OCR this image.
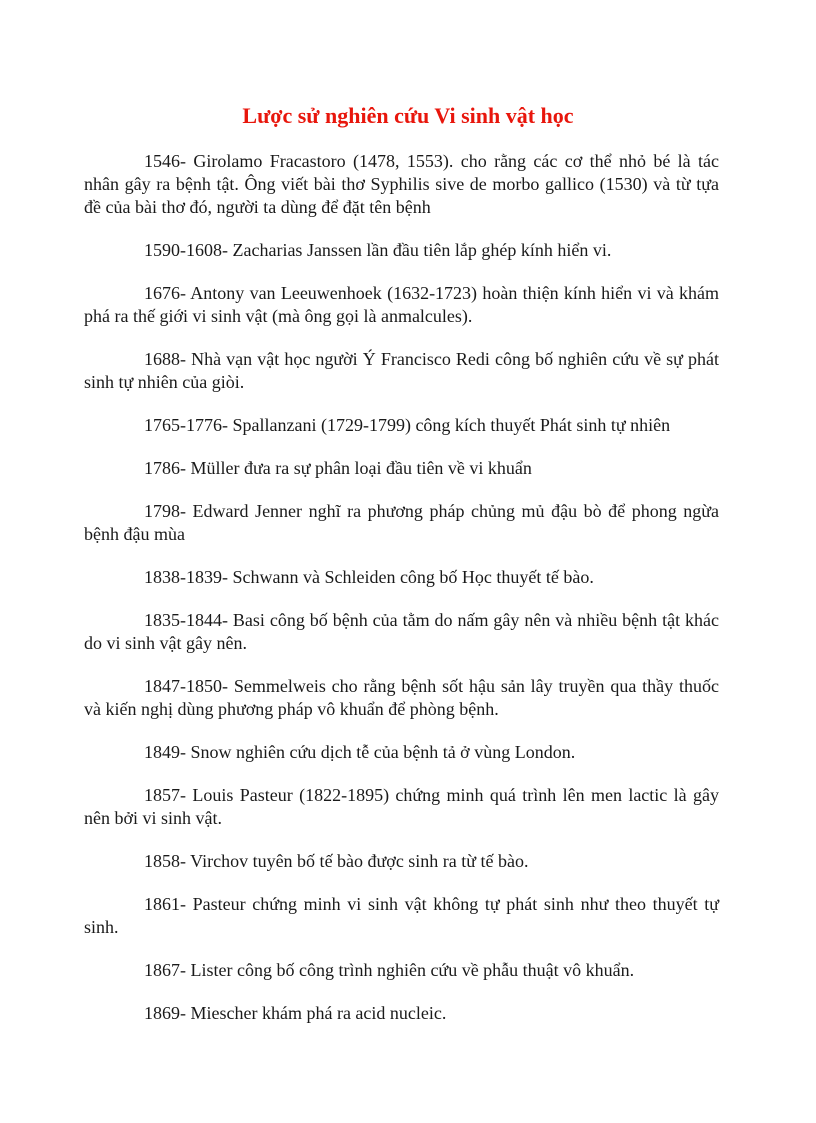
Lược sử nghiên cứu Vi sinh vật học

1546- Girolamo Fracastoro (1478, 1553). cho rằng các cơ thể nhỏ bé là tác nhân gây ra bệnh tật. Ông viết bài thơ Syphilis sive de morbo gallico (1530) và từ tựa đề của bài thơ đó, người ta dùng để đặt tên bệnh

1590-1608- Zacharias Janssen lần đầu tiên lắp ghép kính hiển vi.

1676- Antony van Leeuwenhoek (1632-1723) hoàn thiện kính hiển vi và khám phá ra thế giới vi sinh vật (mà ông gọi là anmalcules).

1688- Nhà vạn vật học người Ý Francisco Redi công bố nghiên cứu về sự phát sinh tự nhiên của giòi.

1765-1776- Spallanzani (1729-1799) công kích thuyết Phát sinh tự nhiên

1786- Müller đưa ra sự phân loại đầu tiên về vi khuẩn

1798- Edward Jenner nghĩ ra phương pháp chủng mủ đậu bò để phong ngừa bệnh đậu mùa

1838-1839- Schwann và Schleiden công bố Học thuyết tế bào.

1835-1844- Basi công bố bệnh của tằm do nấm gây nên và nhiều bệnh tật khác do vi sinh vật gây nên.

1847-1850- Semmelweis cho rằng bệnh sốt hậu sản lây truyền qua thầy thuốc và kiến nghị dùng phương pháp vô khuẩn để phòng bệnh.

1849- Snow nghiên cứu dịch tễ của bệnh tả ở vùng London.

1857- Louis Pasteur (1822-1895) chứng minh quá trình lên men lactic là gây nên bởi vi sinh vật.

1858- Virchov tuyên bố tế bào được sinh ra từ tế bào.

1861- Pasteur chứng minh vi sinh vật không tự phát sinh như theo thuyết tự sinh.

1867- Lister công bố công trình nghiên cứu về phẫu thuật vô khuẩn.

1869- Miescher khám phá ra acid nucleic.
